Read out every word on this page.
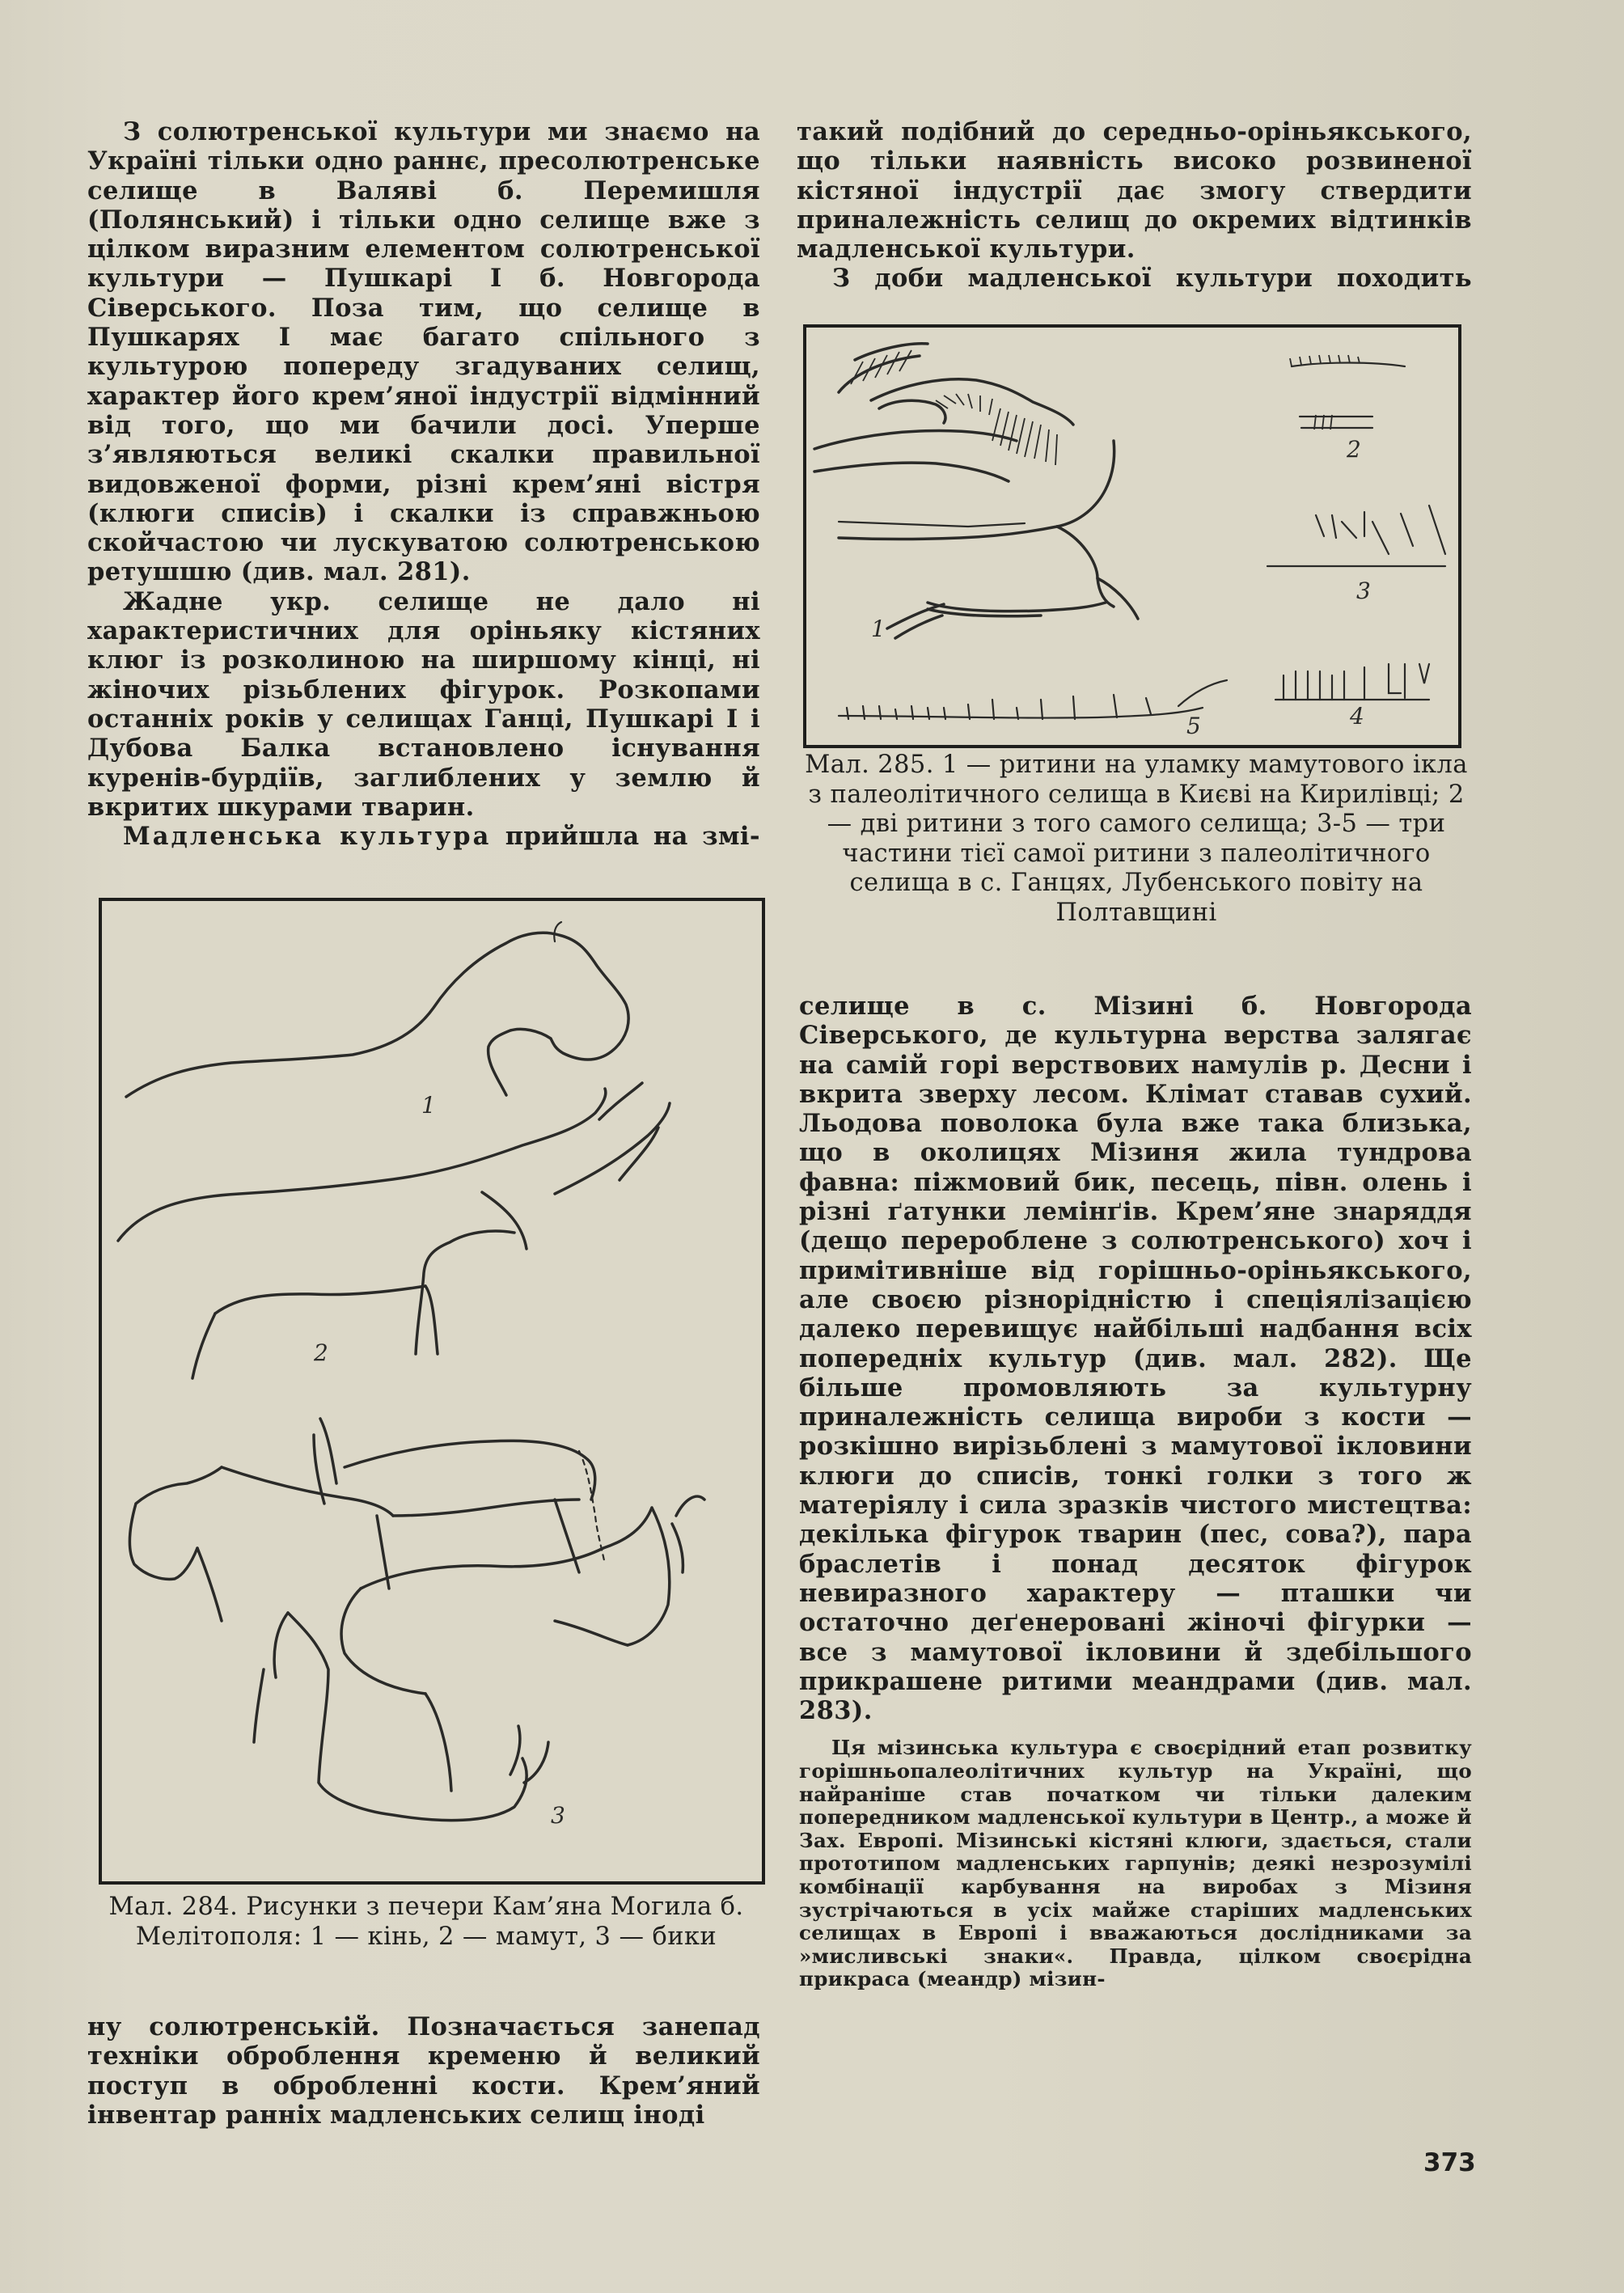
З солютренської культури ми знаємо на Україні тільки одно раннє, пресолютренське селище в Валяві б. Перемишля (Полянський) і тільки одно селище вже з цілком виразним елементом солютренської культури — Пушкарі І б. Новгорода Сіверського. Поза тим, що селище в Пушкарях І має багато спільного з культурою попереду згадуваних селищ, характер його крем’яної індустрії відмінний від того, що ми бачили досі. Уперше з’являються великі скалки правильної видовженої форми, різні крем’яні вістря (клюги списів) і скалки із справжньою скойчастою чи лускуватою солютренською ретушшю (див. мал. 281).

Жадне укр. селище не дало ні характеристичних для оріньяку кістяних клюг із розколиною на ширшому кінці, ні жіночих різьблених фігурок. Розкопами останніх років у селищах Ганці, Пушкарі І і Дубова Балка встановлено існування куренів-бурдіїв, заглиблених у землю й вкритих шкурами тварин.

Мадленська культура прийшла на змі-

1
2
3

Мал. 284. Рисунки з печери Кам’яна Могила б. Мелітополя: 1 — кінь, 2 — мамут, 3 — бики

ну солютренській. Позначається занепад техніки оброблення кременю й великий поступ в обробленні кости. Крем’яний інвентар ранніх мадленських селищ іноді

такий подібний до середньо-оріньякського, що тільки наявність високо розвиненої кістяної індустрії дає змогу ствердити приналежність селищ до окремих відтинків мадленської культури.

З доби мадленської культури походить

1
2
3
4
5

Мал. 285. 1 — ритини на уламку мамутового ікла з палеолітичного селища в Києві на Кирилівці; 2 — дві ритини з того самого селища; 3-5 — три частини тієї самої ритини з палеолітичного селища в с. Ганцях, Лубенського повіту на Полтавщині

селище в с. Мізині б. Новгорода Сіверського, де культурна верства залягає на самій горі верствових намулів р. Десни і вкрита зверху лесом. Клімат ставав сухий. Льодова поволока була вже така близька, що в околицях Мізиня жила тундрова фавна: піжмовий бик, песець, півн. олень і різні ґатунки лемінґів. Крем’яне знаряддя (дещо перероблене з солютренського) хоч і примітивніше від горішньо-оріньякського, але своєю різнорідністю і спеціялізацією далеко перевищує найбільші надбання всіх попередніх культур (див. мал. 282). Ще більше промовляють за культурну приналежність селища вироби з кости — розкішно вирізьблені з мамутової ікловини клюги до списів, тонкі голки з того ж матеріялу і сила зразків чистого мистецтва: декілька фігурок тварин (пес, сова?), пара браслетів і понад десяток фігурок невиразного характеру — пташки чи остаточно деґенеровані жіночі фігурки — все з мамутової ікловини й здебільшого прикрашене ритими меандрами (див. мал. 283).

Ця мізинська культура є своєрідний етап розвитку горішньопалеолітичних культур на Україні, що найраніше став початком чи тільки далеким попередником мадленської культури в Центр., а може й Зах. Европі. Мізинські кістяні клюги, здається, стали прототипом мадленських гарпунів; деякі незрозумілі комбінації карбування на виробах з Мізиня зустрічаються в усіх майже старіших мадленських селищах в Европі і вважаються дослідниками за »мисливські знаки«. Правда, цілком своєрідна прикраса (меандр) мізин-

373
